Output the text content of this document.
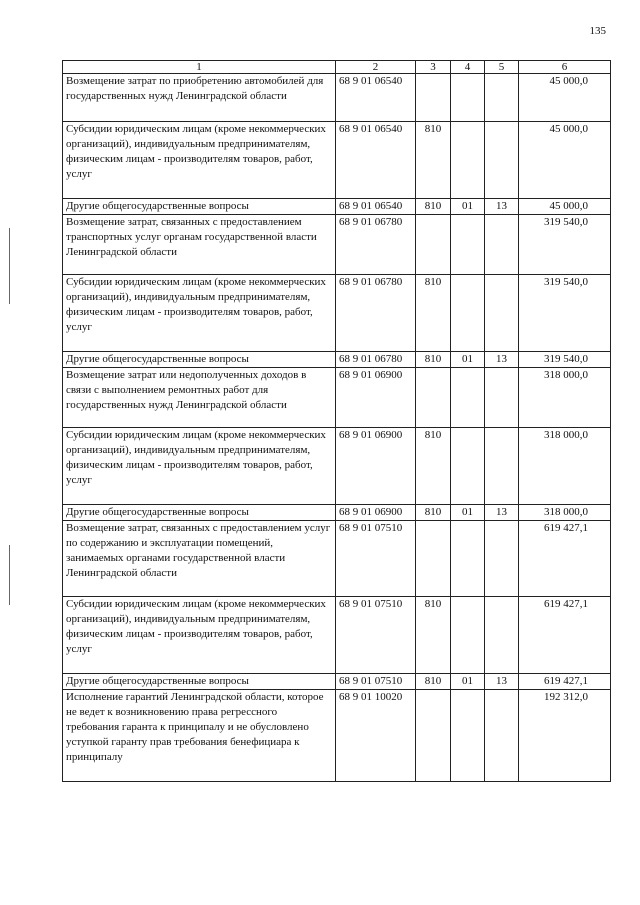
135
1	2	3	4	5	6
Возмещение затрат по приобретению автомобилей для государственных нужд Ленинградской области	68 9 01 06540				45 000,0
Субсидии юридическим лицам (кроме некоммерческих организаций), индивидуальным предпринимателям, физическим лицам - производителям товаров, работ, услуг	68 9 01 06540	810			45 000,0
Другие общегосударственные вопросы	68 9 01 06540	810	01	13	45 000,0
Возмещение затрат, связанных с предоставлением транспортных услуг органам государственной власти Ленинградской области	68 9 01 06780				319 540,0
Субсидии юридическим лицам (кроме некоммерческих организаций), индивидуальным предпринимателям, физическим лицам - производителям товаров, работ, услуг	68 9 01 06780	810			319 540,0
Другие общегосударственные вопросы	68 9 01 06780	810	01	13	319 540,0
Возмещение затрат или недополученных доходов в связи с выполнением ремонтных работ для государственных нужд Ленинградской области	68 9 01 06900				318 000,0
Субсидии юридическим лицам (кроме некоммерческих организаций), индивидуальным предпринимателям, физическим лицам - производителям товаров, работ, услуг	68 9 01 06900	810			318 000,0
Другие общегосударственные вопросы	68 9 01 06900	810	01	13	318 000,0
Возмещение затрат, связанных с предоставлением услуг по содержанию и эксплуатации помещений, занимаемых органами государственной власти Ленинградской области	68 9 01 07510				619 427,1
Субсидии юридическим лицам (кроме некоммерческих организаций), индивидуальным предпринимателям, физическим лицам - производителям товаров, работ, услуг	68 9 01 07510	810			619 427,1
Другие общегосударственные вопросы	68 9 01 07510	810	01	13	619 427,1
Исполнение гарантий Ленинградской области, которое не ведет к возникновению права регрессного требования гаранта к принципалу и не обусловлено уступкой гаранту прав требования бенефициара к принципалу	68 9 01 10020				192 312,0
